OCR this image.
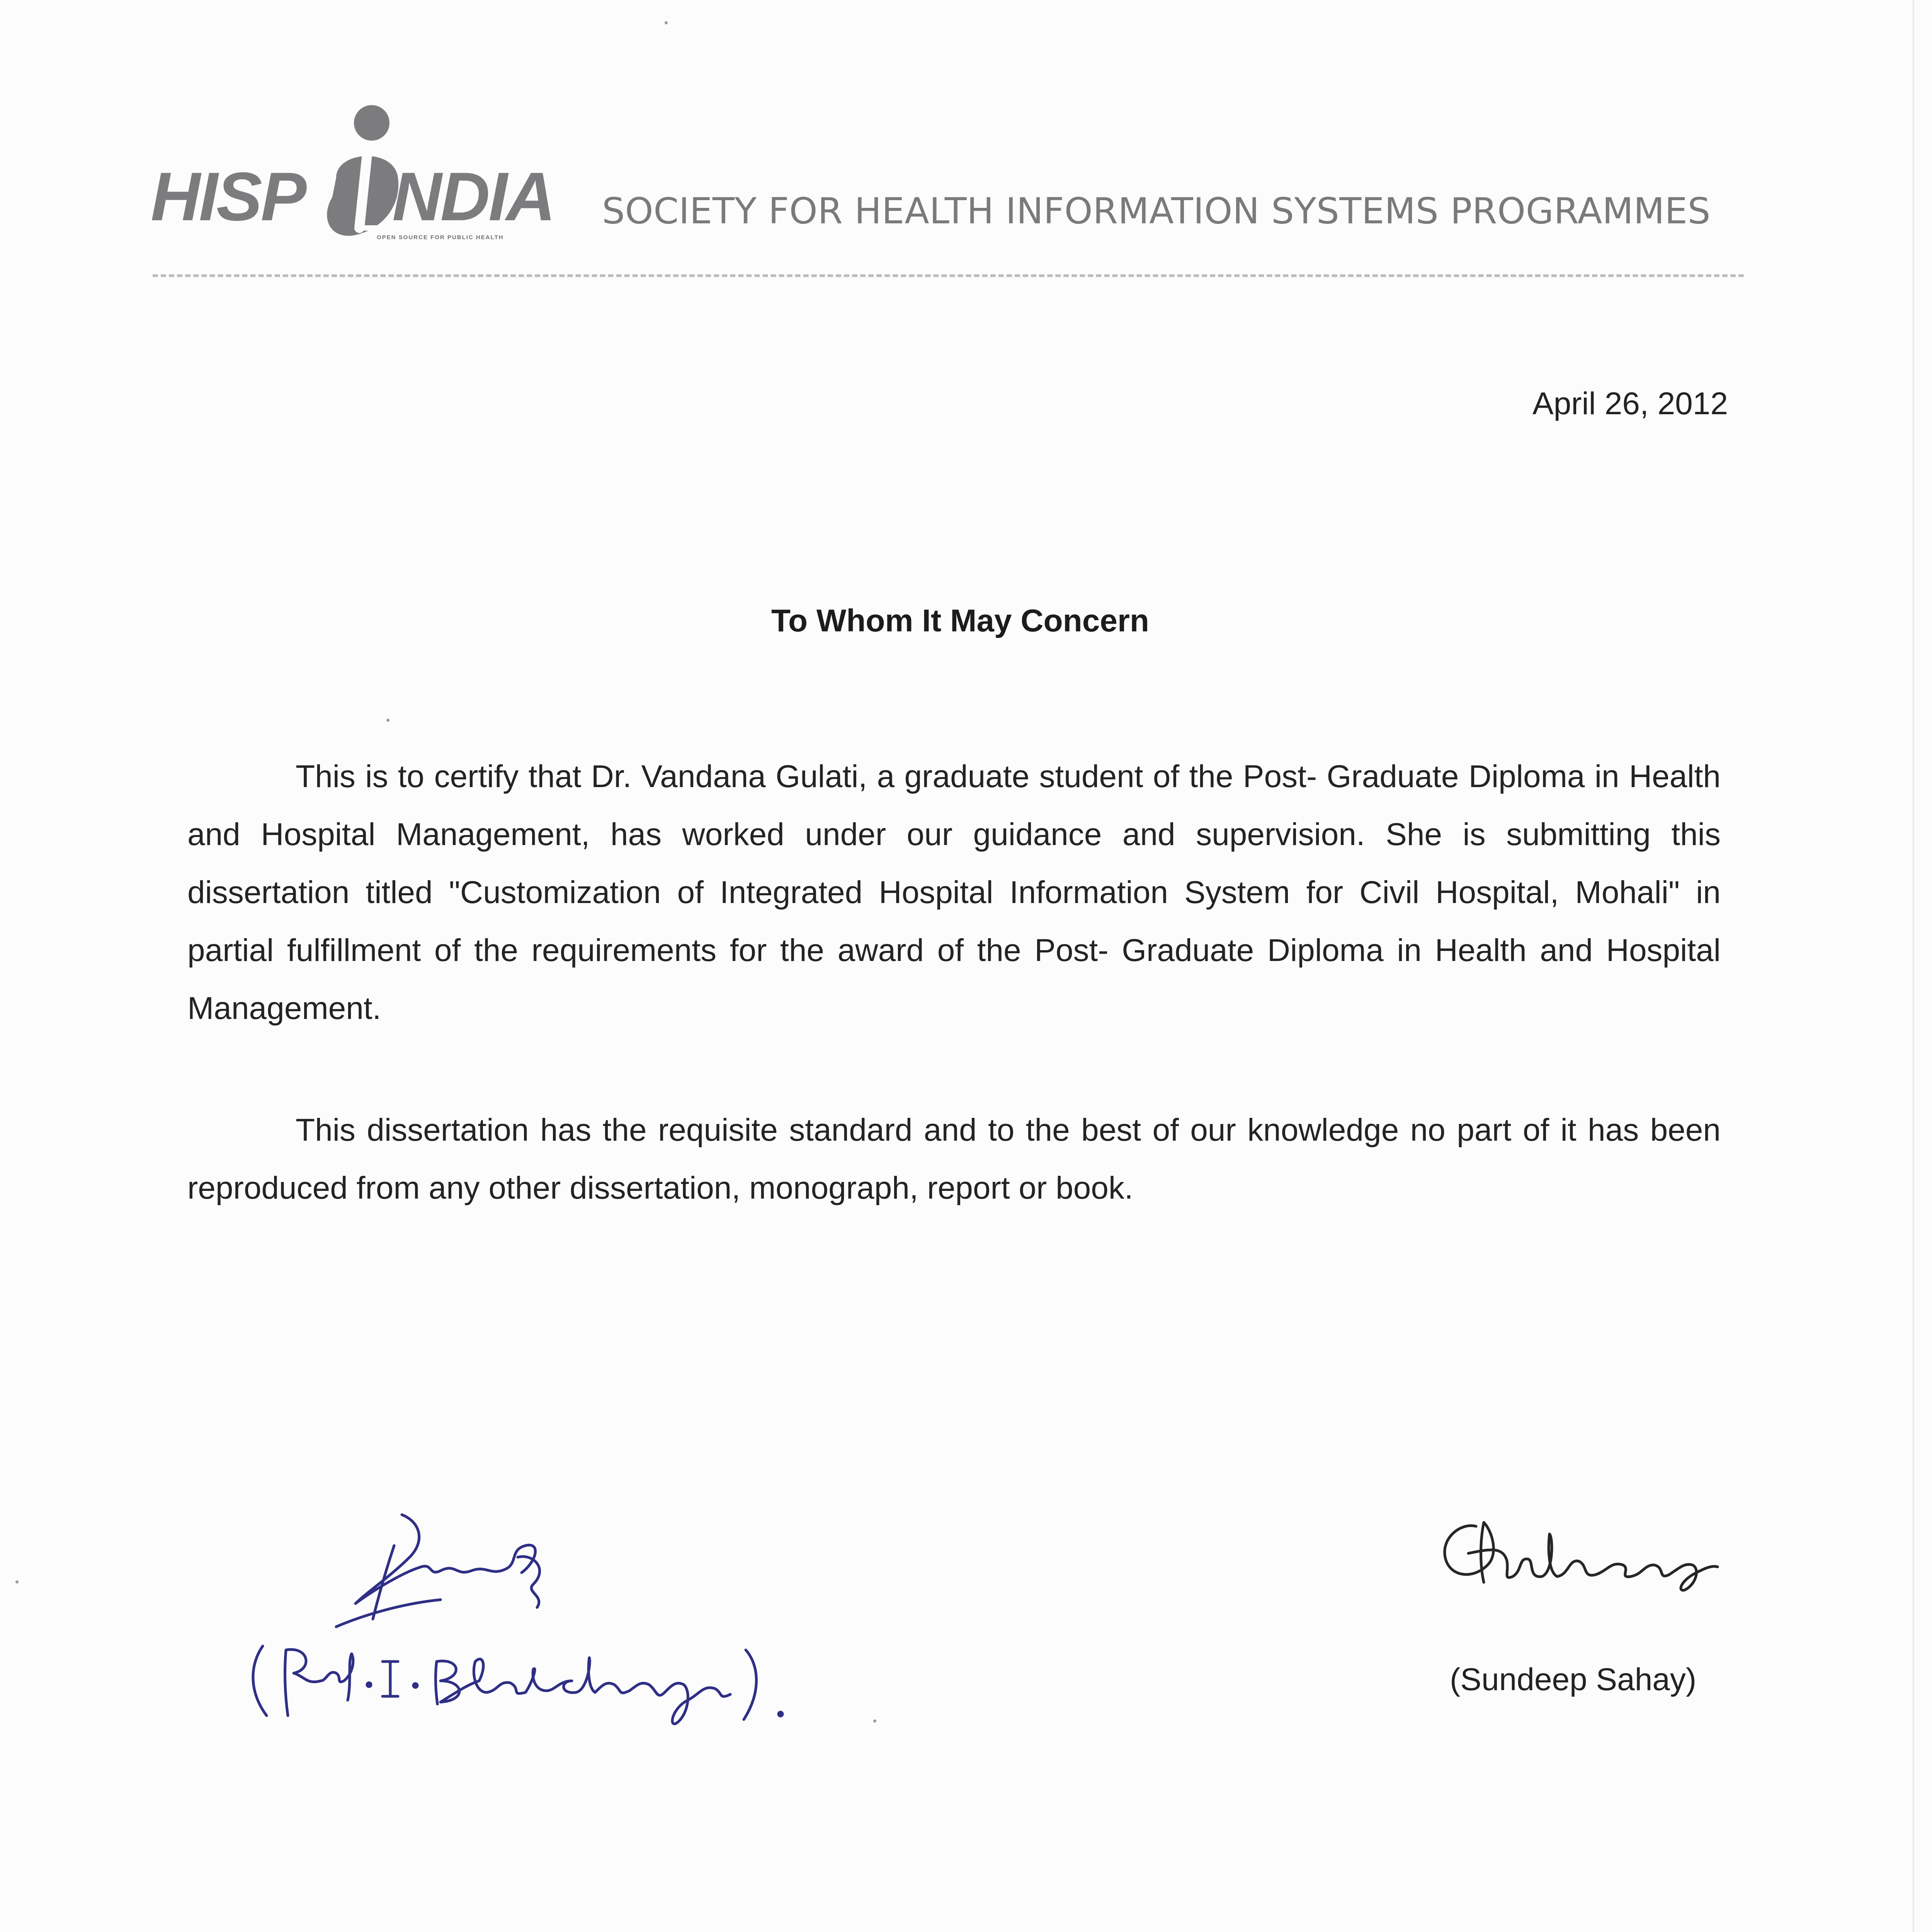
HISP NDIA
OPEN SOURCE FOR PUBLIC HEALTH
SOCIETY FOR HEALTH INFORMATION SYSTEMS PROGRAMMES
April 26, 2012
To Whom It May Concern

This is to certify that Dr. Vandana Gulati, a graduate student of the Post- Graduate Diploma in Health and Hospital Management, has worked under our guidance and supervision. She is submitting this dissertation titled "Customization of Integrated Hospital Information System for Civil Hospital, Mohali" in partial fulfillment of the requirements for the award of the Post- Graduate Diploma in Health and Hospital Management.

This dissertation has the requisite standard and to the best of our knowledge no part of it has been reproduced from any other dissertation, monograph, report or book.

(Sundeep Sahay)
